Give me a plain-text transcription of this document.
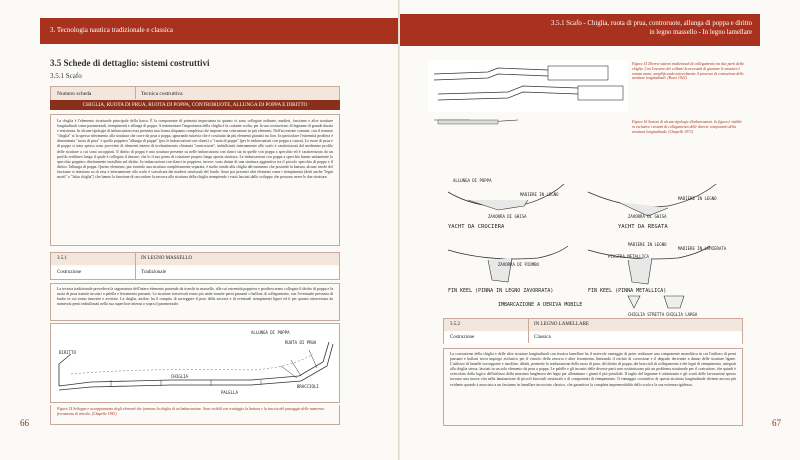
3. Tecnologia nautica tradizionale e classica
3.5 Schede di dettaglio: sistemi costruttivi
3.5.1 Scafo
Numero scheda	Tecnica costruttiva
CHIGLIA, RUOTA DI PRUA, RUOTA DI POPPA, CONTRORUOTE, ALLUNGA DI POPPA E DIRITTO
La chiglia è l'elemento strutturale principale della barca. È la componente di primaria importanza in quanto vi sono collegate ordinate, madieri, fasciame e altre strutture longitudinali come paramezzali, riempimenti e allunga di poppa. A testimoniare l'importanza della chiglia è la costante scelta, per la sua costruzione, di legname di grande durata e resistenza. In alcune tipologie di imbarcazioni essa presenta una forma aliquanto complessa che impone una costruzione in più elementi. Nell'accezione comune, con il termine "chiglia" si fa spesso riferimento alla struttura che corre da prua a poppa, ignorando tuttavia che è costituita da più elementi giuntati tra loro. In particolare l'estremità prodiera è denominata "ruota di prua" e quella poppiera "allunga di poppa" (per le imbarcazioni con slanci) o "ruota di poppa" (per le imbarcazioni con poppa a canoa). Le ruote di prua e di poppa si sono spesso sono provviste di elementi interni di irrobustimento chiamati "controruote", imbullonati internamente allo scafo e caratterizzati dal medesimo profilo delle strutture a cui sono accoppiati. Il diritto di poppa è una struttura presente su nelle imbarcazioni con slanci sia in quelle con poppa a specchio ed è caratterizzato da un profilo rettilineo lungo il quale è collegato il timone, che lo il suo perno di rotazione proprio lungo questa struttura. Le imbarcazioni con poppa a specchio hanno unitamente lo specchio poppiero direttamente installato sul diritto. In imbarcazioni con slanci in poppiera, invece, sono dotate di una struttura aggiuntiva tra il piccolo specchio di poppa e il diritto: l'allunga di poppa. Questo elemento, pur essendo una struttura completamente separata, è molto simile alla chiglia dal momento che possiede la battura, alcune tavole del fasciame si intestano su di essa e internamente allo scafo è scavalcata dai madieri strutturali del fondo. Sono poi presenti altri elementi come i riempimenti (detti anche "legni morti" o "falsa chiglia") che hanno la funzione di raccordare la zavorra alla struttura della chiglia riempiendo i vuoti lasciati dallo sviluppo che possono avere le due strutture.
3.5.1	IN LEGNO MASSELLO
Costruzione	Tradizionale
La tecnica tradizionale prevedeva la sagomatura dell'intero elemento partendo da tronchi in massello, alle cui estremità poppiera e prodiera erano collegate il diritto di poppa e la ruota di prua tramite incastri a palella e ferramenta passanti. Le strutture trasversali erano poi unite tramite perni passanti o bulloni di collegamento, con l'eventuale presenza di bache in cui erano inseriete e avvitate. La chiglia, inoltre, ha il compito di sorreggere il peso della zavorra e di eventuali riempimenti lignei ed il per quanto attraversata da numerosi perni imbullonati nella sua superficie interna o sopra il paramezzale.
ALLUNGA DI POPPA
CHIGLIA
PALELLA
BRACCIOLI
DIRITTO
RUOTA DI PRUA
Figura 14 Sviluppo e accoppiamento degli elementi che formano la chiglia di un'imbarcazione. Sono visibili con tratteggio la battura e la traccia del passaggio delle numerose ferramenta di vincolo. (Chapelle 1941)
66
3.5.1 Scafo - Chiglia, ruota di prua, controruote, allunga di poppa e diritto
in legno massello - In legno lamellare
ALLUNGA DI POPPA
ZAVORRA DI GHISA
MADIERE IN LEGNO
YACHT DA CROCIERA
ZAVORRA DI GHISA
MADIERE IN LEGNO
YACHT DA REGATA
ZAVORRA DI PIOMBO
FIN KEEL (PINNA IN LEGNO ZAVORRATA)
MADIERE IN LEGNO
MADIERE IN LAMIERATA
PIASTRA METALLICA
FIN KEEL (PINNA METALLICA)
CHIGLIA STRETTA CHIGLIA LARGA
IMBARCAZIONE A DERIVA MOBILE
Figura 15 Diversi sistemi tradizionali di collegamento tra due parti della chiglia. Con l'avvento dei collanti la necessità di giuntare le strutture è venuta meno, semplificando notevolmente il processo di costruzione delle strutture longitudinali. (Rossi 1922)
Figura 16 Sezioni di alcune tipologie d'imbarcazioni. In figura è visibile in esclusivo i sistemi di collegamento delle diverse componenti della struttura longitudinale. (Chapelle 1971)
3.5.2	IN LEGNO LAMELLARE
Costruzione	Classica
La costruzione della chiglia e delle altre strutture longitudinali con tecnica lamellare ha il notevole vantaggio di poter realizzare una componente monolitica in cui l'utilizzo di perni passanti e bulloni trova impiego esclusivo per il vincolo della zavorra e altre ferramenta, limitando il rischio di corrosione e il degrado derivante a danno delle strutture lignee. L'utilizzo di lamelle sovrapposte e incollate, difatti, permette la realizzazione della ruota di prua, del diritto di poppa, dei bracciali di collegamento e dei legni di riempimento, integrati alla chiglia stessa, lasciati in un solo elemento da prua a poppa. Le palelle e gli incastri delle diverse parti non costituiscono più un problema strutturale per il costruttore, che quindi è svincolato dalla logica dell'utilizzo della massima lunghezza dei legni per allontanare i giunti il più possibile. Il taglio del legname è ottimizzato e gli scarti delle lavorazioni spesso trovano una nuova vita nella laminazione di piccoli bracciali strutturali o di componenti di riempimento. Il vantaggio costruttivo di questa struttura longitudinale diviene ancora più evidente quando è associato a un fasciame in lamellare incrociato classico, che garantisce la completa impermeabilità dello scafo e la sua estrema rigidezza.
67
